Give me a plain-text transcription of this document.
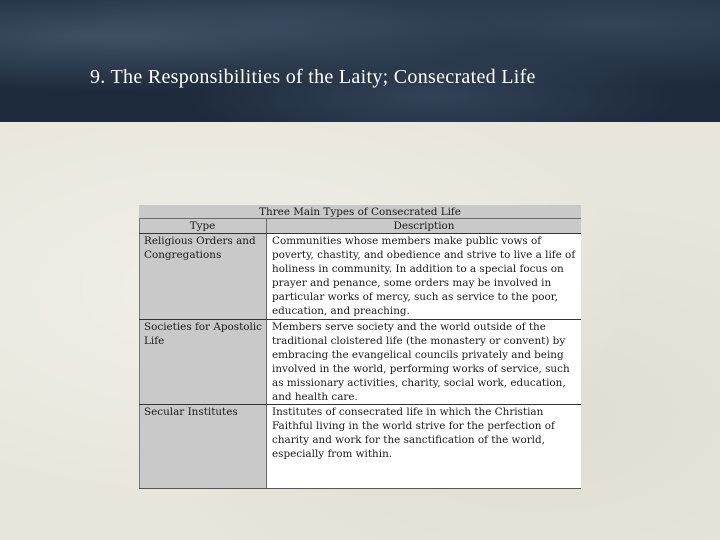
9. The Responsibilities of the Laity; Consecrated Life
Three Main Types of Consecrated Life
Type	Description
Religious Orders and Congregations
Communities whose members make public vows of poverty, chastity, and obedience and strive to live a life of holiness in community. In addition to a special focus on prayer and penance, some orders may be involved in particular works of mercy, such as service to the poor, education, and preaching.
Societies for Apostolic Life
Members serve society and the world outside of the traditional cloistered life (the monastery or convent) by embracing the evangelical councils privately and being involved in the world, performing works of service, such as missionary activities, charity, social work, education, and health care.
Secular Institutes	Institutes of consecrated life in which the Christian Faithful living in the world strive for the perfection of charity and work for the sanctification of the world, especially from within.
